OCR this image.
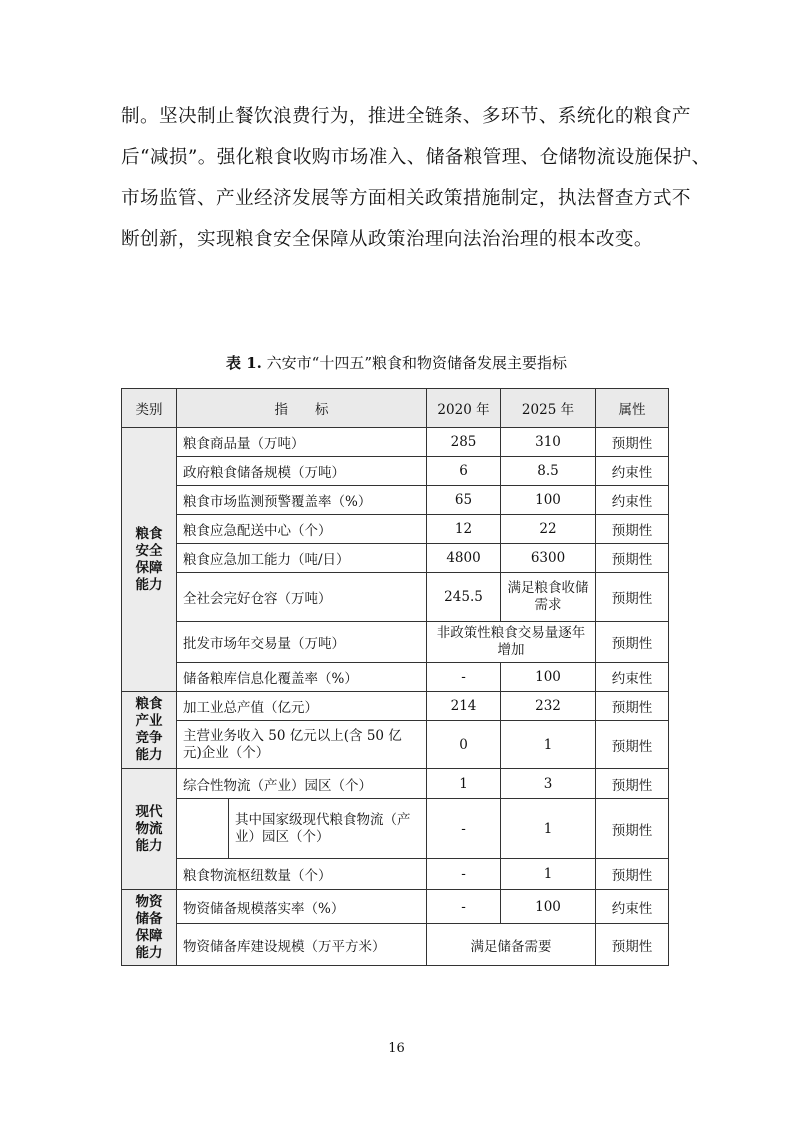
制。坚决制止餐饮浪费行为，推进全链条、多环节、系统化的粮食产
后“减损”。强化粮食收购市场准入、储备粮管理、仓储物流设施保护、
市场监管、产业经济发展等方面相关政策措施制定，执法督查方式不
断创新，实现粮食安全保障从政策治理向法治治理的根本改变。
表 1. 六安市“十四五”粮食和物资储备发展主要指标
类别	指　　标		2020 年	2025 年	属性
粮食安全保障能力	粮食商品量（万吨）		285	310	预期性
	政府粮食储备规模（万吨）		6	8.5	约束性
	粮食市场监测预警覆盖率（%）		65	100	约束性
	粮食应急配送中心（个）		12	22	预期性
	粮食应急加工能力（吨/日）		4800	6300	预期性
	全社会完好仓容（万吨）		245.5	满足粮食收储需求	预期性
	批发市场年交易量（万吨）		非政策性粮食交易量逐年增加		预期性
	储备粮库信息化覆盖率（%）		-	100	约束性
粮食产业竞争能力	加工业总产值（亿元）		214	232	预期性
	主营业务收入 50 亿元以上(含 50 亿元)企业（个）		0	1	预期性
现代物流能力	综合性物流（产业）园区（个）		1	3	预期性
		其中国家级现代粮食物流（产业）园区（个）	-	1	预期性
	粮食物流枢纽数量（个）		-	1	预期性
物资储备保障能力	物资储备规模落实率（%）		-	100	约束性
	物资储备库建设规模（万平方米）		满足储备需要		预期性
16
